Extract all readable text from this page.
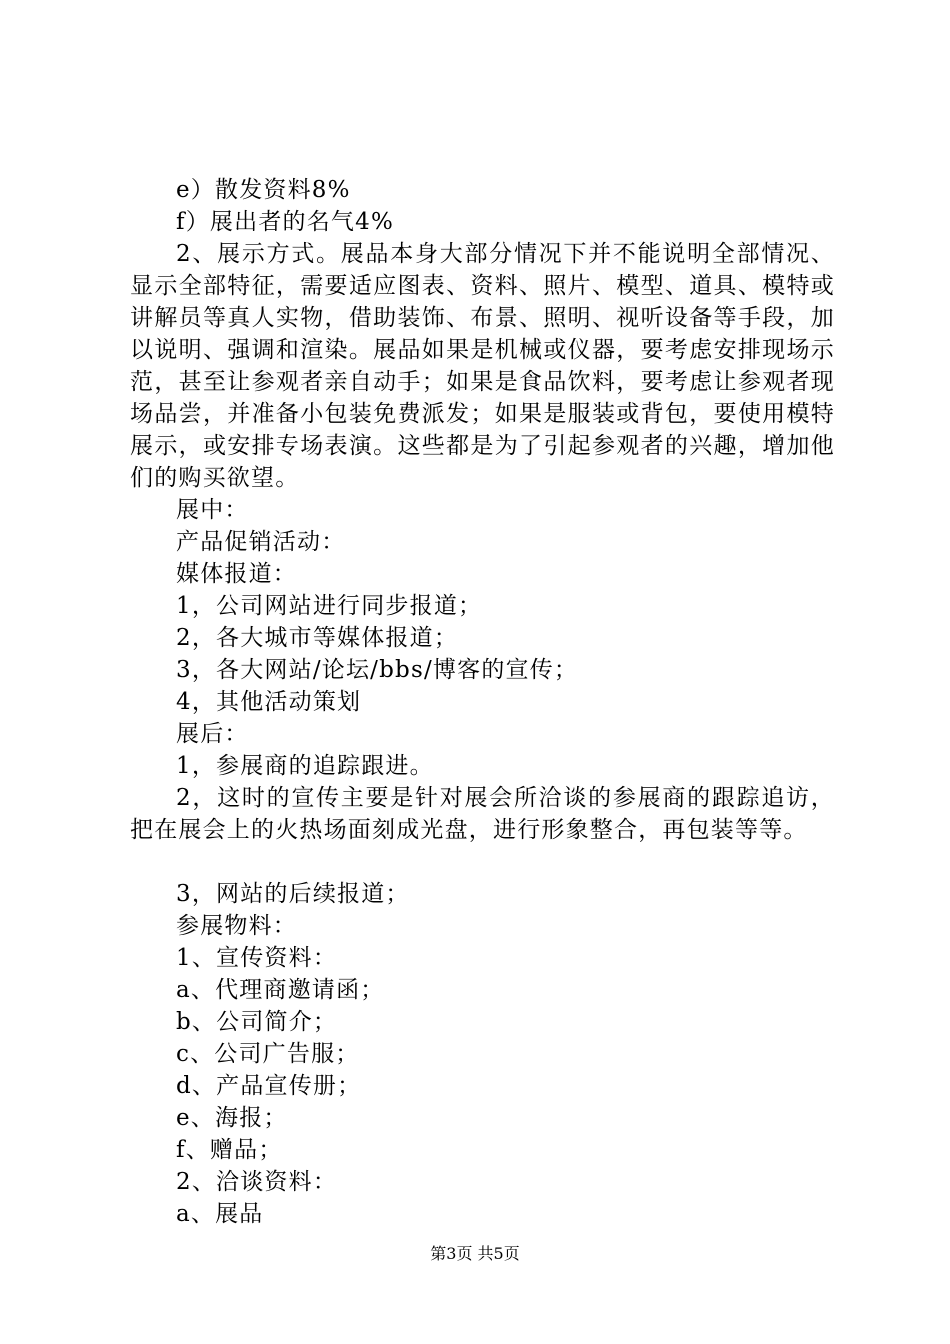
e）散发资料8%

f）展出者的名气4%

2、展示方式。展品本身大部分情况下并不能说明全部情况、显示全部特征，需要适应图表、资料、照片、模型、道具、模特或讲解员等真人实物，借助装饰、布景、照明、视听设备等手段，加以说明、强调和渲染。展品如果是机械或仪器，要考虑安排现场示范，甚至让参观者亲自动手；如果是食品饮料，要考虑让参观者现场品尝，并准备小包装免费派发；如果是服装或背包，要使用模特展示，或安排专场表演。这些都是为了引起参观者的兴趣，增加他们的购买欲望。

展中：

产品促销活动：

媒体报道：

1，公司网站进行同步报道；

2，各大城市等媒体报道；

3，各大网站/论坛/bbs/博客的宣传；

4，其他活动策划

展后：

1，参展商的追踪跟进。

2，这时的宣传主要是针对展会所洽谈的参展商的跟踪追访，把在展会上的火热场面刻成光盘，进行形象整合，再包装等等。

3，网站的后续报道；

参展物料：

1、宣传资料：

a、代理商邀请函；

b、公司简介；

c、公司广告服；

d、产品宣传册；

e、海报；

f、赠品；

2、洽谈资料：

a、展品

第3页 共5页
